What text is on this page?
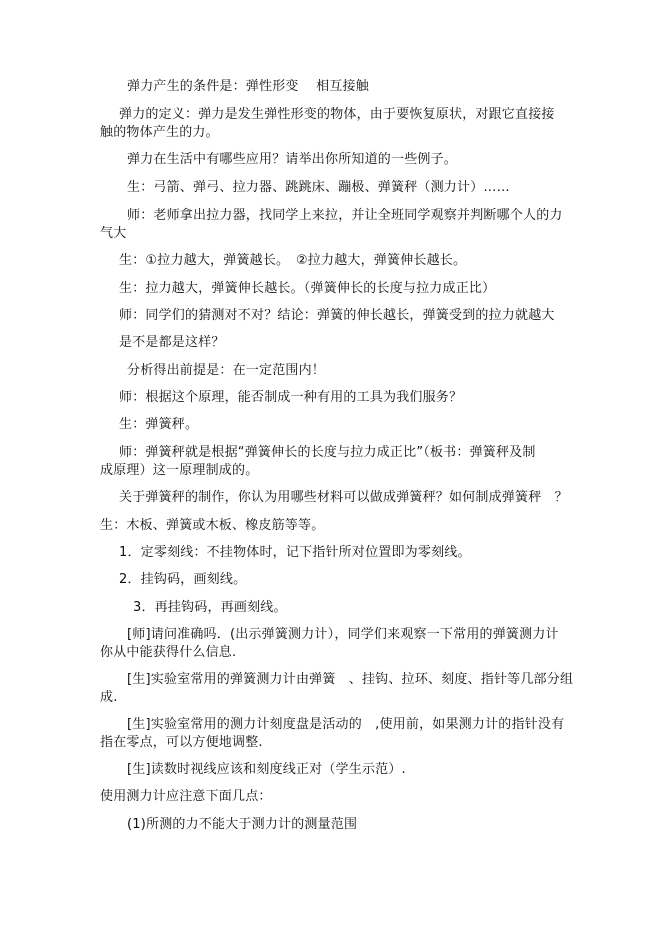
弹力产生的条件是：弹性形变　 相互接触
弹力的定义：弹力是发生弹性形变的物体，由于要恢复原状，对跟它直接接
触的物体产生的力。
弹力在生活中有哪些应用？请举出你所知道的一些例子。
生：弓箭、弹弓、拉力器、跳跳床、蹦极、弹簧秤（测力计）……
师：老师拿出拉力器，找同学上来拉，并让全班同学观察并判断哪个人的力
气大
生：①拉力越大，弹簧越长。　②拉力越大，弹簧伸长越长。
生：拉力越大，弹簧伸长越长。（弹簧伸长的长度与拉力成正比）
师：同学们的猜测对不对？结论：弹簧的伸长越长，弹簧受到的拉力就越大
是不是都是这样？
分析得出前提是：在一定范围内！
师：根据这个原理，能否制成一种有用的工具为我们服务？
生：弹簧秤。
师：弹簧秤就是根据“弹簧伸长的长度与拉力成正比”（板书：弹簧秤及制
成原理）这一原理制成的。
关于弹簧秤的制作，你认为用哪些材料可以做成弹簧秤？如何制成弹簧秤　？
生：木板、弹簧或木板、橡皮筋等等。
1．定零刻线：不挂物体时，记下指针所对位置即为零刻线。
2．挂钩码，画刻线。
3．再挂钩码，再画刻线。
[师]请问准确吗．(出示弹簧测力计），同学们来观察一下常用的弹簧测力计
你从中能获得什么信息.
[生]实验室常用的弹簧测力计由弹簧　、挂钩、拉环、刻度、指针等几部分组
成.
[生]实验室常用的测力计刻度盘是活动的　,使用前，如果测力计的指针没有
指在零点，可以方便地调整.
[生]读数时视线应该和刻度线正对（学生示范）.
使用测力计应注意下面几点：
(1)所测的力不能大于测力计的测量范围
